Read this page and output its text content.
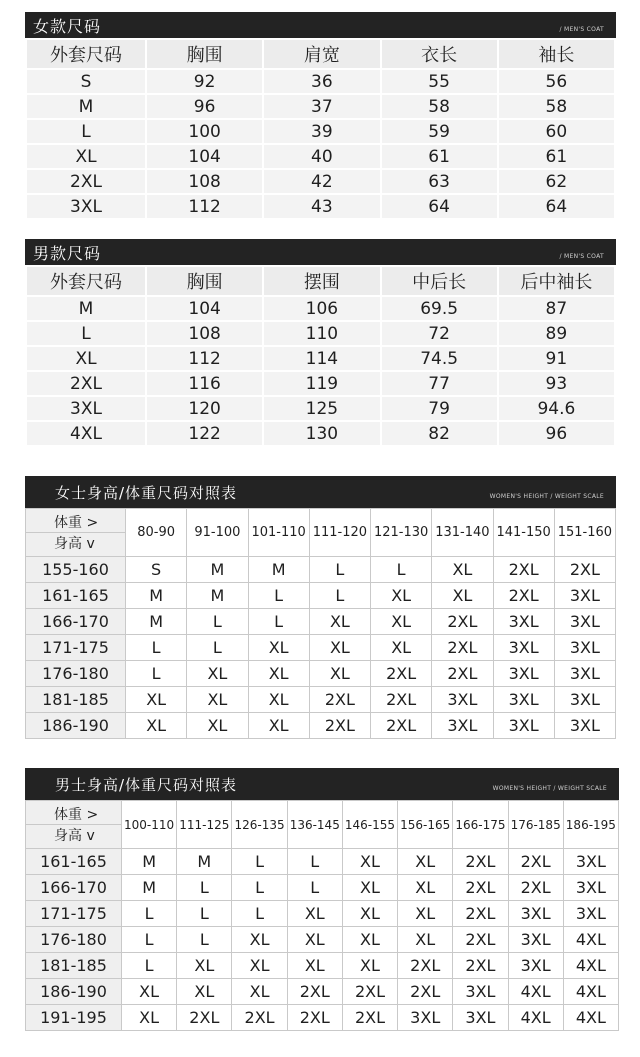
女款尺码	/ MEN'S COAT
外套尺码	胸围	肩宽	衣长	袖长
S	92	36	55	56
M	96	37	58	58
L	100	39	59	60
XL	104	40	61	61
2XL	108	42	63	62
3XL	112	43	64	64
男款尺码	/ MEN'S COAT
外套尺码	胸围	摆围	中后长	后中袖长
M	104	106	69.5	87
L	108	110	72	89
XL	112	114	74.5	91
2XL	116	119	77	93
3XL	120	125	79	94.6
4XL	122	130	82	96
女士身高/体重尺码对照表	WOMEN'S HEIGHT / WEIGHT SCALE
体重 >
身高 v	80-90	91-100	101-110	111-120	121-130	131-140	141-150	151-160
155-160	S	M	M	L	L	XL	2XL	2XL
161-165	M	M	L	L	XL	XL	2XL	3XL
166-170	M	L	L	XL	XL	2XL	3XL	3XL
171-175	L	L	XL	XL	XL	2XL	3XL	3XL
176-180	L	XL	XL	XL	2XL	2XL	3XL	3XL
181-185	XL	XL	XL	2XL	2XL	3XL	3XL	3XL
186-190	XL	XL	XL	2XL	2XL	3XL	3XL	3XL
男士身高/体重尺码对照表	WOMEN'S HEIGHT / WEIGHT SCALE
体重 >
身高 v	100-110	111-125	126-135	136-145	146-155	156-165	166-175	176-185	186-195
161-165	M	M	L	L	XL	XL	2XL	2XL	3XL
166-170	M	L	L	L	XL	XL	2XL	2XL	3XL
171-175	L	L	L	XL	XL	XL	2XL	3XL	3XL
176-180	L	L	XL	XL	XL	XL	2XL	3XL	4XL
181-185	L	XL	XL	XL	XL	2XL	2XL	3XL	4XL
186-190	XL	XL	XL	2XL	2XL	2XL	3XL	4XL	4XL
191-195	XL	2XL	2XL	2XL	2XL	3XL	3XL	4XL	4XL
